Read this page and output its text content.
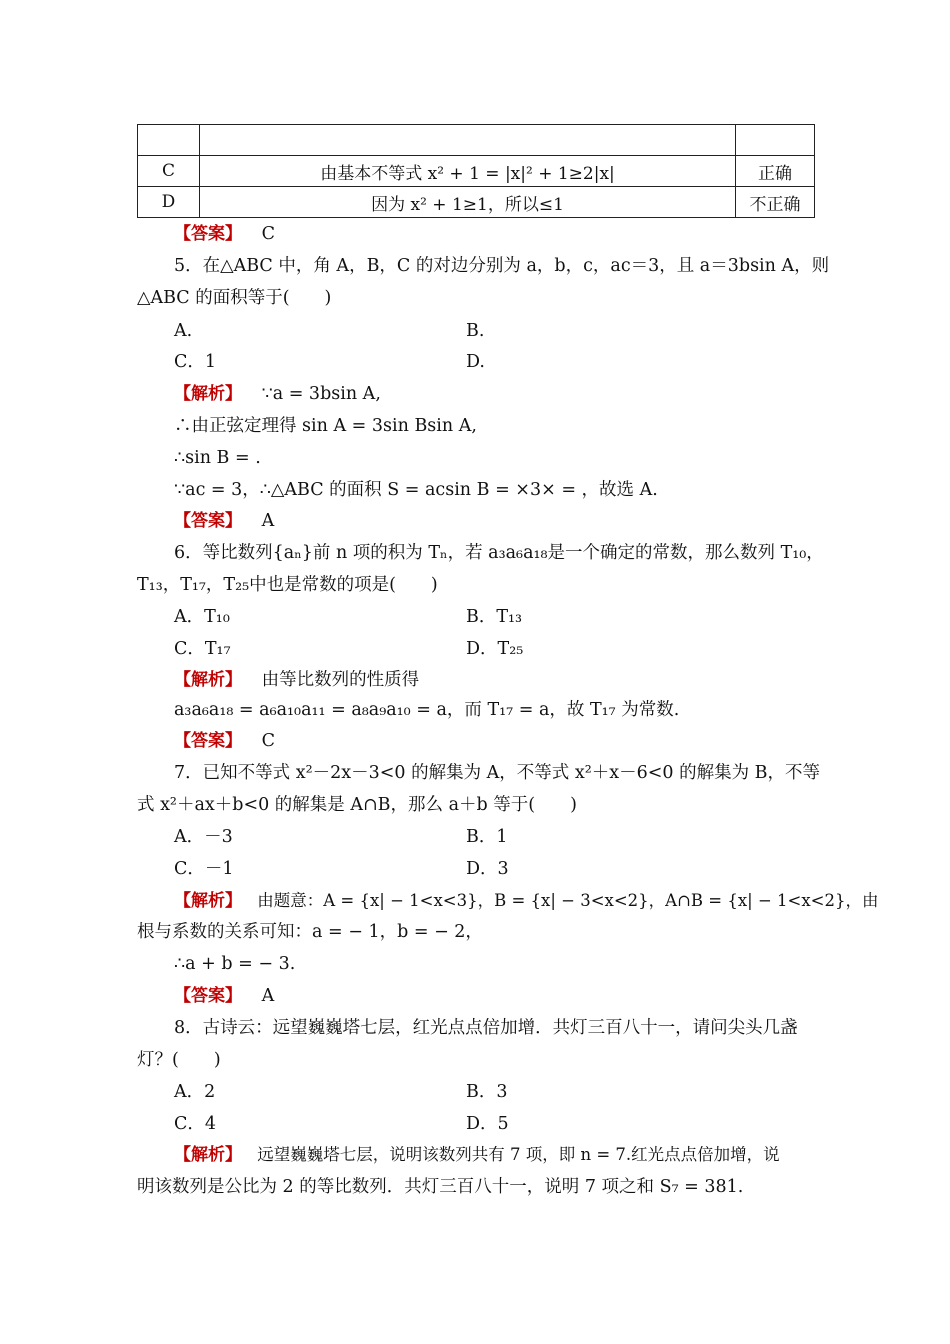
C	由基本不等式 x² + 1 = |x|² + 1≥2|x|	正确
D	因为 x² + 1≥1，所以≤1	不正确
【答案】 C
5．在△ABC 中，角 A，B，C 的对边分别为 a，b，c，ac＝3，且 a＝3bsin A，则
△ABC 的面积等于(　　)
A.	B.
C．1	D.
【解析】 ∵a = 3bsin A,
∴由正弦定理得 sin A = 3sin Bsin A,
∴sin B = .
∵ac = 3，∴△ABC 的面积 S = acsin B = ×3× = ，故选 A.
【答案】 A
6．等比数列{aₙ}前 n 项的积为 Tₙ，若 a₃a₆a₁₈是一个确定的常数，那么数列 T₁₀，
T₁₃，T₁₇，T₂₅中也是常数的项是(　　)
A．T₁₀	B．T₁₃
C．T₁₇	D．T₂₅
【解析】 由等比数列的性质得
a₃a₆a₁₈ = a₆a₁₀a₁₁ = a₈a₉a₁₀ = a，而 T₁₇ = a，故 T₁₇ 为常数.
【答案】 C
7．已知不等式 x²－2x－3<0 的解集为 A，不等式 x²＋x－6<0 的解集为 B，不等
式 x²＋ax＋b<0 的解集是 A∩B，那么 a＋b 等于(　　)
A．－3	B．1
C．－1	D．3
【解析】 由题意：A = {x| − 1<x<3}，B = {x| − 3<x<2}，A∩B = {x| − 1<x<2}，由
根与系数的关系可知：a = − 1，b = − 2，
∴a + b = − 3.
【答案】 A
8．古诗云：远望巍巍塔七层，红光点点倍加增．共灯三百八十一，请问尖头几盏
灯？(　　)
A．2	B．3
C．4	D．5
【解析】 远望巍巍塔七层，说明该数列共有 7 项，即 n = 7.红光点点倍加增，说
明该数列是公比为 2 的等比数列．共灯三百八十一，说明 7 项之和 S₇ = 381.
